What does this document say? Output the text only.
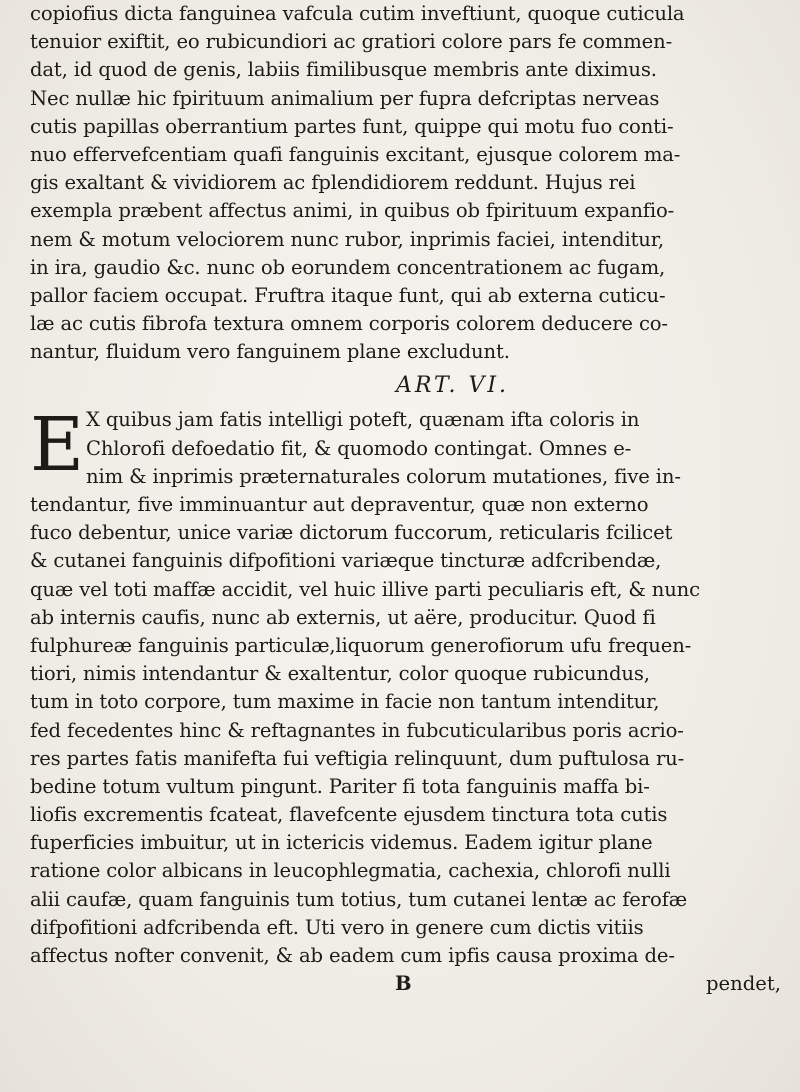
copiofius dicta fanguinea vafcula cutim inveftiunt, quoque cuticula
tenuior exiftit, eo rubicundiori ac gratiori colore pars fe commen-
dat, id quod de genis, labiis fimilibusque membris ante diximus.
Nec nullæ hic fpirituum animalium per fupra defcriptas nerveas
cutis papillas oberrantium partes funt, quippe qui motu fuo conti-
nuo effervefcentiam quafi fanguinis excitant, ejusque colorem ma-
gis exaltant & vividiorem ac fplendidiorem reddunt. Hujus rei
exempla præbent affectus animi, in quibus ob fpirituum expanfio-
nem & motum velociorem nunc rubor, inprimis faciei, intenditur,
in ira, gaudio &c. nunc ob eorundem concentrationem ac fugam,
pallor faciem occupat. Fruftra itaque funt, qui ab externa cuticu-
læ ac cutis fibrofa textura omnem corporis colorem deducere co-
nantur, fluidum vero fanguinem plane excludunt.
ART. VI.
E X quibus jam fatis intelligi poteft, quænam ifta coloris in
Chlorofi defoedatio fit, & quomodo contingat. Omnes e-
nim & inprimis præternaturales colorum mutationes, five in-
tendantur, five imminuantur aut depraventur, quæ non externo
fuco debentur, unice variæ dictorum fuccorum, reticularis fcilicet
& cutanei fanguinis difpofitioni variæque tincturæ adfcribendæ,
quæ vel toti maffæ accidit, vel huic illive parti peculiaris eft, & nunc
ab internis caufis, nunc ab externis, ut aëre, producitur. Quod fi
fulphureæ fanguinis particulæ,liquorum generofiorum ufu frequen-
tiori, nimis intendantur & exaltentur, color quoque rubicundus,
tum in toto corpore, tum maxime in facie non tantum intenditur,
fed fecedentes hinc & reftagnantes in fubcuticularibus poris acrio-
res partes fatis manifefta fui veftigia relinquunt, dum puftulosa ru-
bedine totum vultum pingunt. Pariter fi tota fanguinis maffa bi-
liofis excrementis fcateat, flavefcente ejusdem tinctura tota cutis
fuperficies imbuitur, ut in ictericis videmus. Eadem igitur plane
ratione color albicans in leucophlegmatia, cachexia, chlorofi nulli
alii caufæ, quam fanguinis tum totius, tum cutanei lentæ ac ferofæ
difpofitioni adfcribenda eft. Uti vero in genere cum dictis vitiis
affectus nofter convenit, & ab eadem cum ipfis causa proxima de-
B	pendet,
